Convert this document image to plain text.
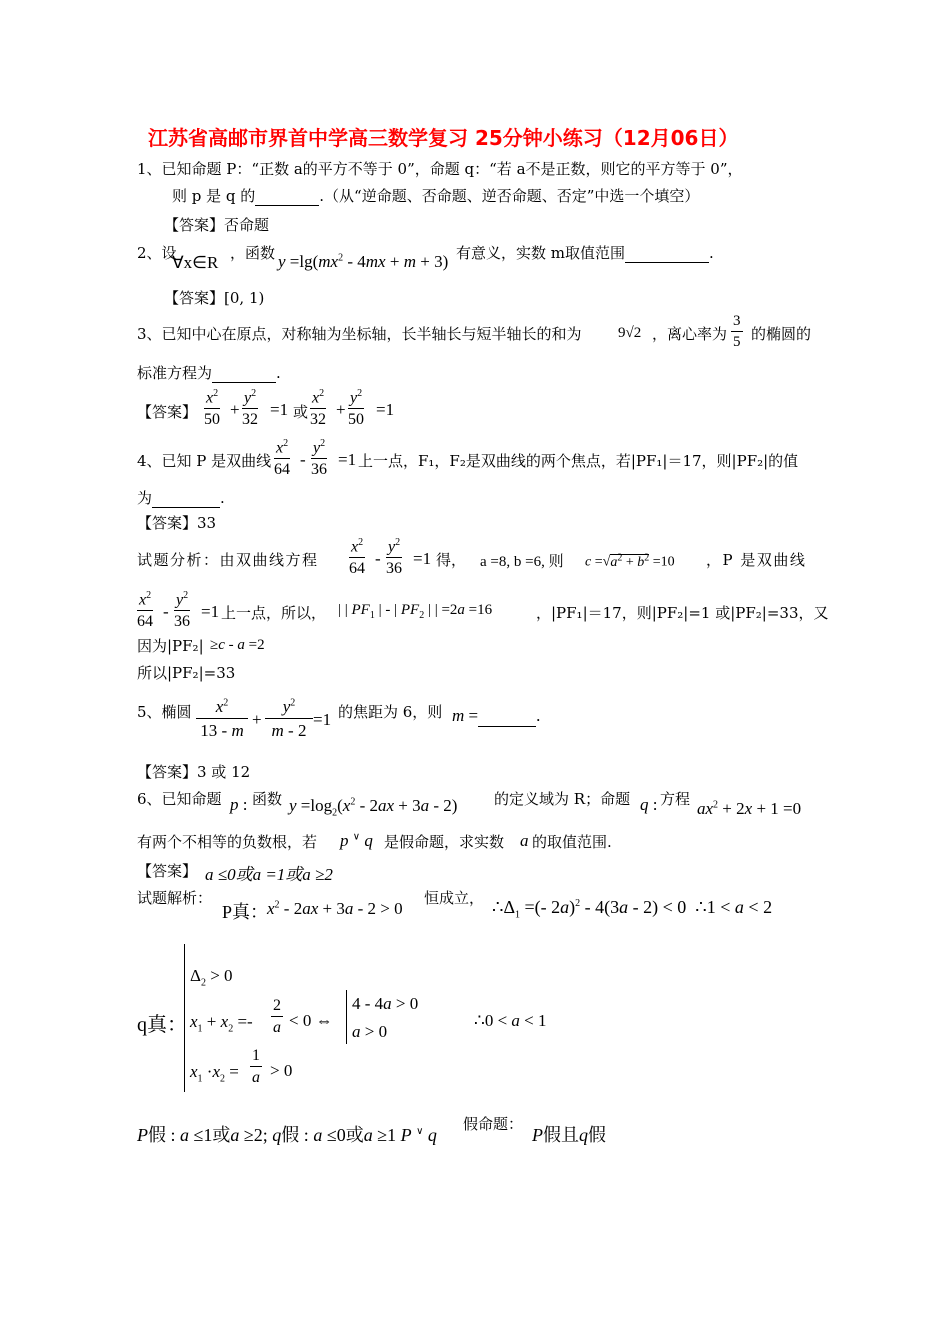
江苏省高邮市界首中学高三数学复习 25分钟小练习（12月06日）
1、已知命题 P：“正数 a的平方不等于 0”，命题 q：“若 a不是正数，则它的平方等于 0”，
则 p 是 q 的	.（从“逆命题、否命题、逆否命题、否定”中选一个填空）
【答案】否命题
2、设
∀x∈R ，函数 $y =\lg(mx^2 - 4mx + m + 3)$ 有意义，实数 m取值范围	.
【答案】[0, 1)
3、已知中心在原点，对称轴为坐标轴，长半轴长与短半轴长的和为 9√2 ，离心率为 $\frac{3}{5}$ 的椭圆的
标准方程为	.
【答案】 $\frac{x^2}{50} + \frac{y^2}{32} =1$ 或 $\frac{x^2}{32} + \frac{y^2}{50} =1$
4、已知 P 是双曲线 $\frac{x^2}{64} - \frac{y^2}{36} =1$ 上一点，F₁，F₂是双曲线的两个焦点，若|PF₁|＝17，则|PF₂|的值
为	.
【答案】33
试题分析：由双曲线方程 $\frac{x^2}{64} - \frac{y^2}{36} =1$ 得， a =8, b =6, 则 $c =√a^2 + b^2 =10$ ，P 是双曲线
$\frac{x^2}{64} - \frac{y^2}{36} =1$ 上一点，所以， | | $PF_1$ | - | $PF_2$ | | =2a =16	，|PF₁|＝17，则|PF₂|=1 或|PF₂|=33，又
因为|PF₂| ≥c - a =2
所以|PF₂|=33
5、椭圆 $\frac{x^2}{13 - m} + \frac{y^2}{m - 2} =1$ 的焦距为 6，则 m =	.
【答案】3 或 12
6、已知命题 p : 函数 $y =\log_2(x^2 - 2ax + 3a - 2)$ 的定义域为 R；命题 q : 方程 $ax^2 + 2x + 1 =0$
有两个不相等的负数根，若 p ∨ q 是假命题，求实数 a 的取值范围.
【答案】 a ≤0或a =1或a ≥2
试题解析：
P真：
$x^2 - 2ax + 3a - 2 > 0$
恒成立， $\therefore\Delta_1$ =(- 2a)$^2$ - 4(3a - 2) < 0  ∴1 < a < 2
q真：
$\Delta_2 > 0$
$x_1 + x_2 =- \frac{2}{a} < 0$ ⇔
4 - 4a > 0
a > 0
∴0 < a < 1
$x_1 \cdot x_2 = \frac{1}{a} > 0$
P假 : a ≤1或a ≥2; q假 : a ≤0或a ≥1 P ∨ q
假命题：
P假且q假
